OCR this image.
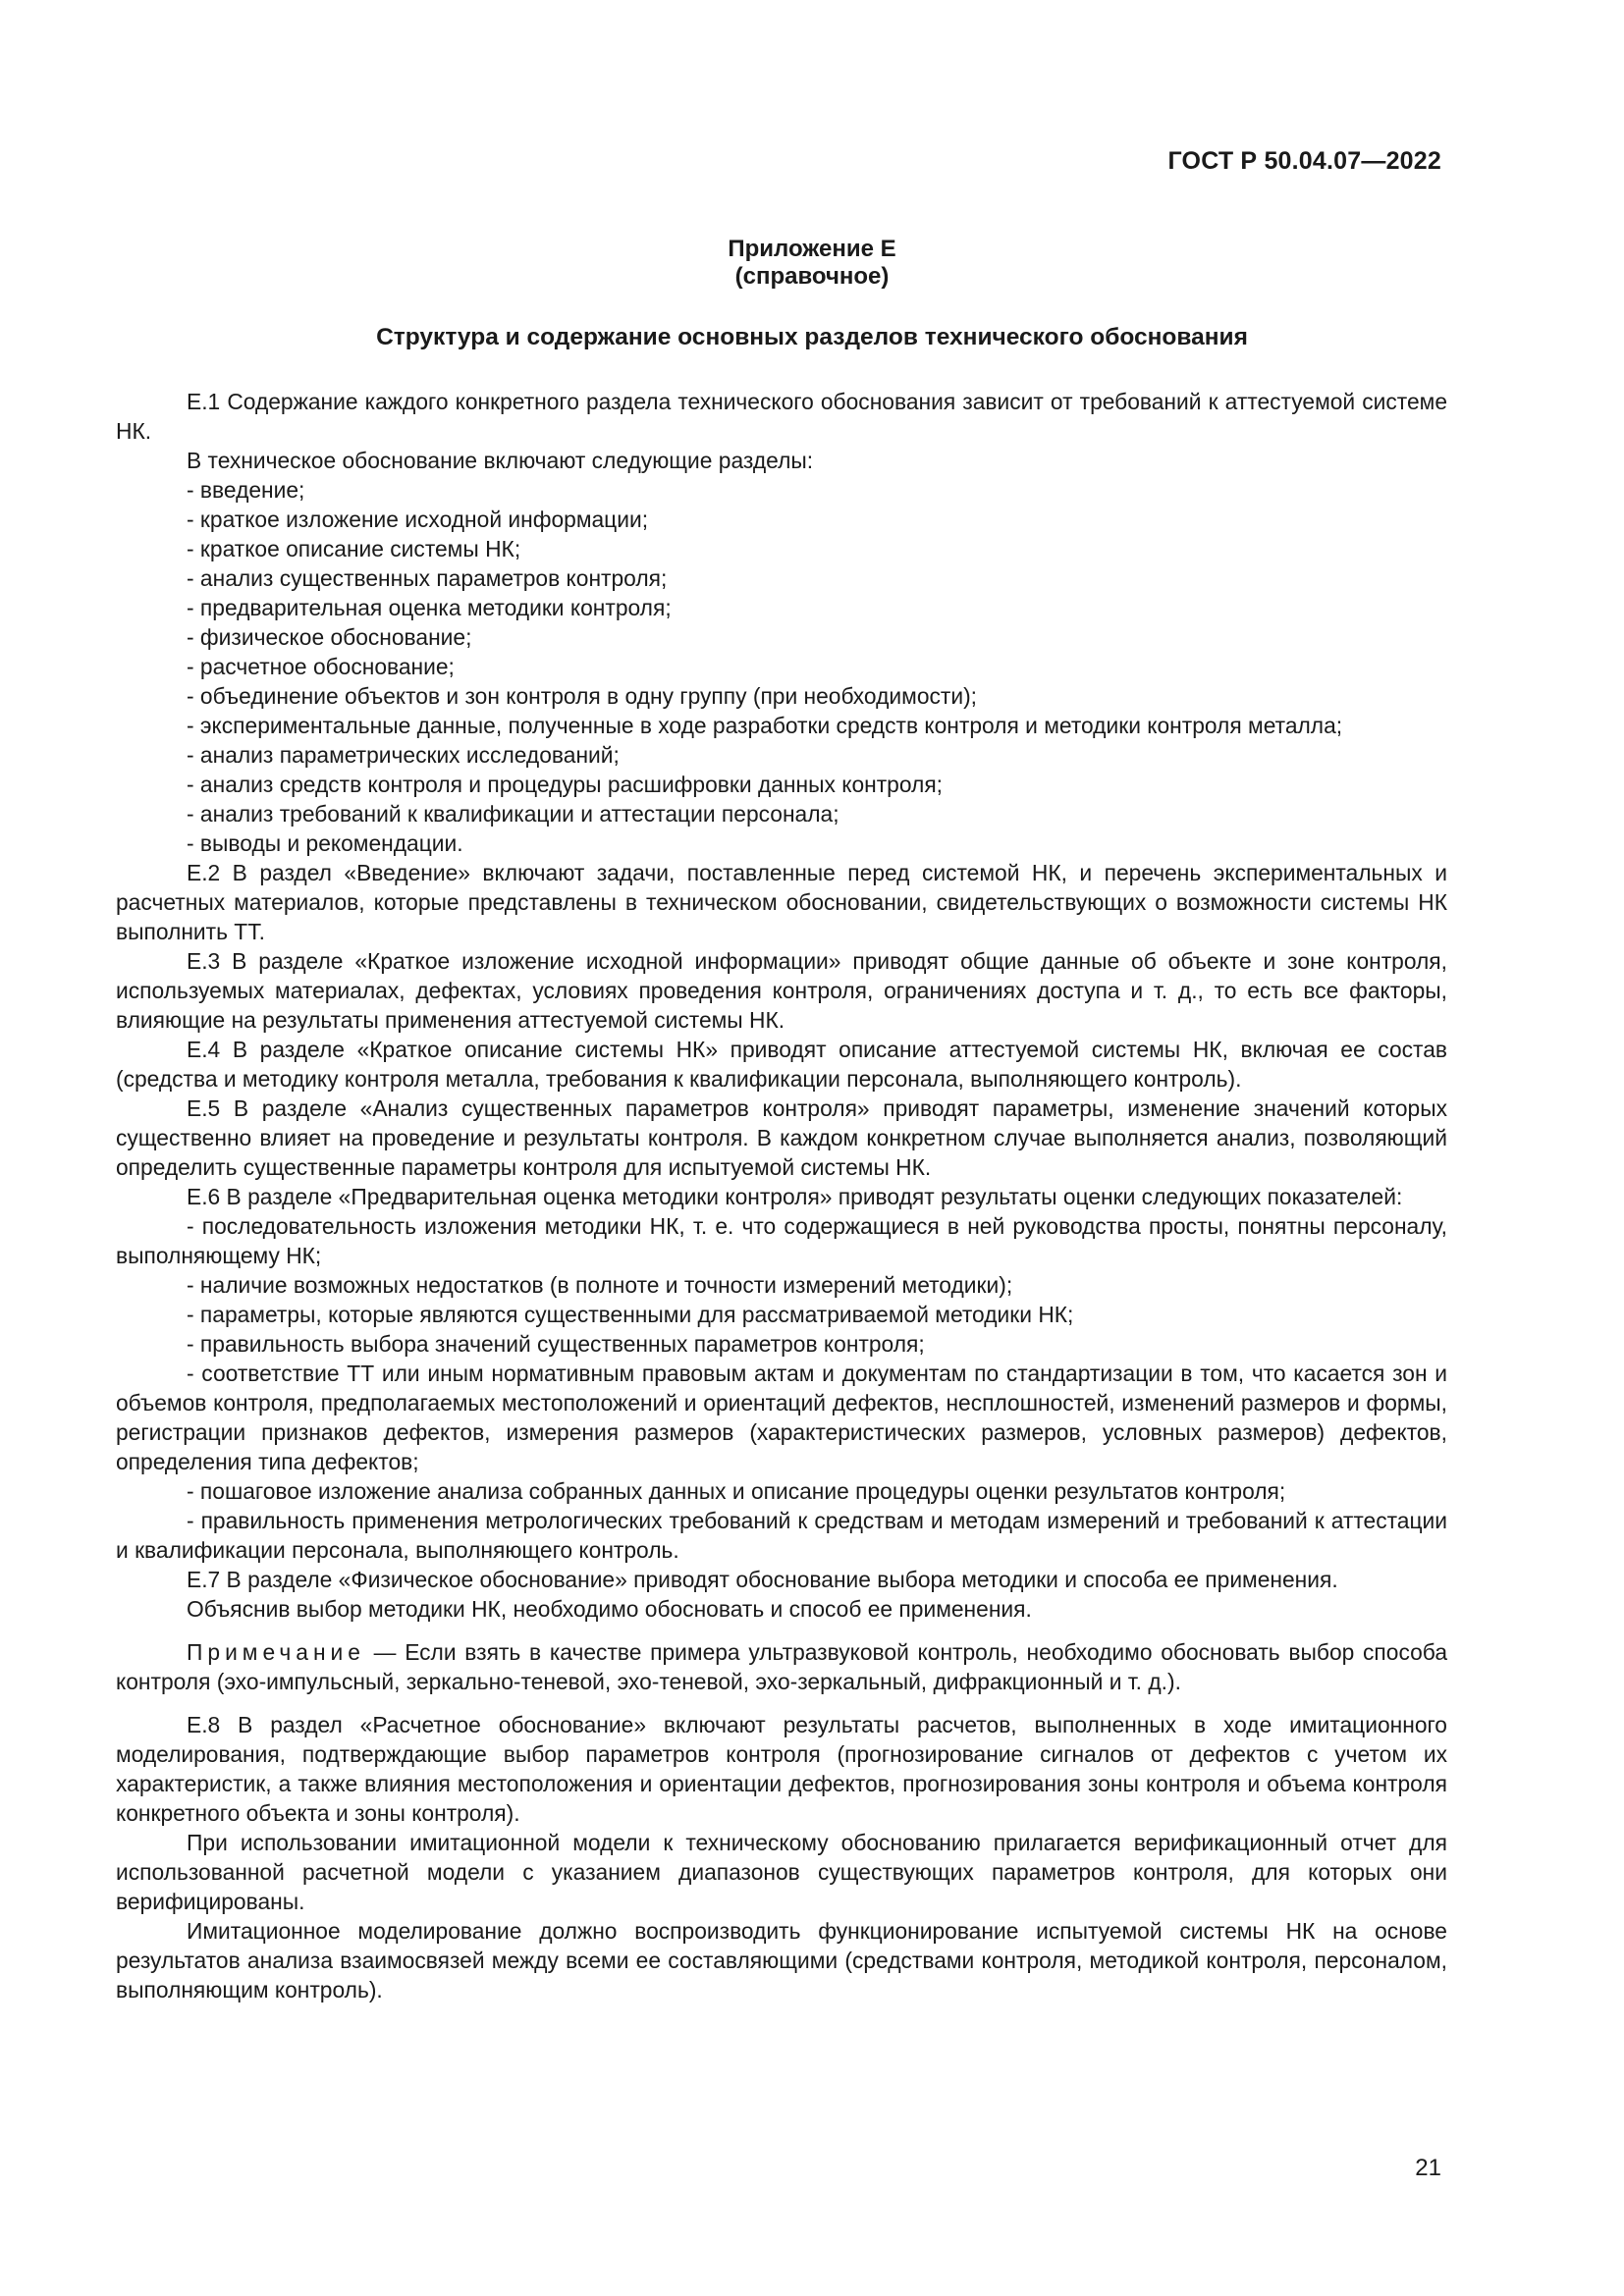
ГОСТ Р 50.04.07—2022
Приложение Е
(справочное)
Структура и содержание основных разделов технического обоснования

Е.1 Содержание каждого конкретного раздела технического обоснования зависит от требований к аттестуемой системе НК.

В техническое обоснование включают следующие разделы:

- введение;

- краткое изложение исходной информации;

- краткое описание системы НК;

- анализ существенных параметров контроля;

- предварительная оценка методики контроля;

- физическое обоснование;

- расчетное обоснование;

- объединение объектов и зон контроля в одну группу (при необходимости);

- экспериментальные данные, полученные в ходе разработки средств контроля и методики контроля металла;

- анализ параметрических исследований;

- анализ средств контроля и процедуры расшифровки данных контроля;

- анализ требований к квалификации и аттестации персонала;

- выводы и рекомендации.

Е.2 В раздел «Введение» включают задачи, поставленные перед системой НК, и перечень экспериментальных и расчетных материалов, которые представлены в техническом обосновании, свидетельствующих о возможности системы НК выполнить ТТ.

Е.3 В разделе «Краткое изложение исходной информации» приводят общие данные об объекте и зоне контроля, используемых материалах, дефектах, условиях проведения контроля, ограничениях доступа и т. д., то есть все факторы, влияющие на результаты применения аттестуемой системы НК.

Е.4 В разделе «Краткое описание системы НК» приводят описание аттестуемой системы НК, включая ее состав (средства и методику контроля металла, требования к квалификации персонала, выполняющего контроль).

Е.5 В разделе «Анализ существенных параметров контроля» приводят параметры, изменение значений которых существенно влияет на проведение и результаты контроля. В каждом конкретном случае выполняется анализ, позволяющий определить существенные параметры контроля для испытуемой системы НК.

Е.6 В разделе «Предварительная оценка методики контроля» приводят результаты оценки следующих показателей:

- последовательность изложения методики НК, т. е. что содержащиеся в ней руководства просты, понятны персоналу, выполняющему НК;

- наличие возможных недостатков (в полноте и точности измерений методики);

- параметры, которые являются существенными для рассматриваемой методики НК;

- правильность выбора значений существенных параметров контроля;

- соответствие ТТ или иным нормативным правовым актам и документам по стандартизации в том, что касается зон и объемов контроля, предполагаемых местоположений и ориентаций дефектов, несплошностей, изменений размеров и формы, регистрации признаков дефектов, измерения размеров (характеристических размеров, условных размеров) дефектов, определения типа дефектов;

- пошаговое изложение анализа собранных данных и описание процедуры оценки результатов контроля;

- правильность применения метрологических требований к средствам и методам измерений и требований к аттестации и квалификации персонала, выполняющего контроль.

Е.7 В разделе «Физическое обоснование» приводят обоснование выбора методики и способа ее применения.

Объяснив выбор методики НК, необходимо обосновать и способ ее применения.

Примечание — Если взять в качестве примера ультразвуковой контроль, необходимо обосновать выбор способа контроля (эхо-импульсный, зеркально-теневой, эхо-теневой, эхо-зеркальный, дифракционный и т. д.).

Е.8 В раздел «Расчетное обоснование» включают результаты расчетов, выполненных в ходе имитационного моделирования, подтверждающие выбор параметров контроля (прогнозирование сигналов от дефектов с учетом их характеристик, а также влияния местоположения и ориентации дефектов, прогнозирования зоны контроля и объема контроля конкретного объекта и зоны контроля).

При использовании имитационной модели к техническому обоснованию прилагается верификационный отчет для использованной расчетной модели с указанием диапазонов существующих параметров контроля, для которых они верифицированы.

Имитационное моделирование должно воспроизводить функционирование испытуемой системы НК на основе результатов анализа взаимосвязей между всеми ее составляющими (средствами контроля, методикой контроля, персоналом, выполняющим контроль).

21
